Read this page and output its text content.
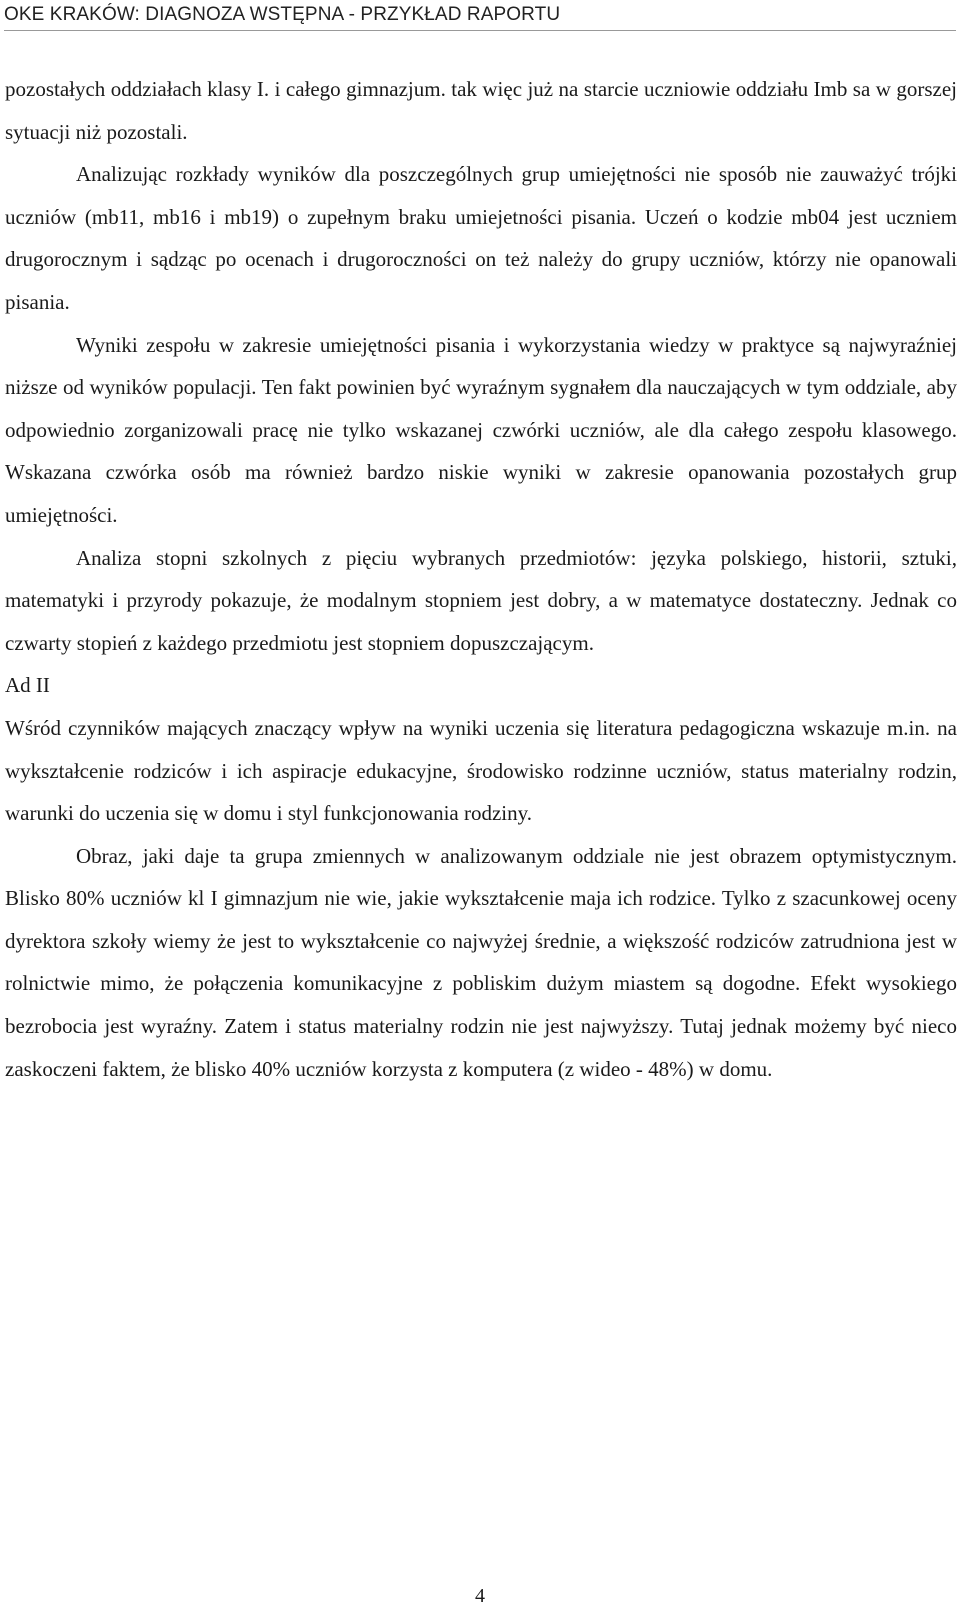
OKE KRAKÓW: DIAGNOZA WSTĘPNA - PRZYKŁAD RAPORTU

pozostałych oddziałach klasy I. i całego gimnazjum. tak więc już na starcie uczniowie oddziału Imb sa w gorszej sytuacji niż pozostali.

Analizując rozkłady wyników dla poszczególnych grup umiejętności nie sposób nie zauważyć trójki uczniów (mb11, mb16 i mb19) o zupełnym braku umiejetności pisania. Uczeń o kodzie mb04 jest uczniem drugorocznym i sądząc po ocenach i drugoroczności on też należy do grupy uczniów, którzy nie opanowali pisania.

Wyniki zespołu w zakresie umiejętności pisania i wykorzystania wiedzy w praktyce są najwyraźniej niższe od wyników populacji. Ten fakt powinien być wyraźnym sygnałem dla nauczających w tym oddziale, aby odpowiednio zorganizowali pracę nie tylko wskazanej czwórki uczniów, ale dla całego zespołu klasowego. Wskazana czwórka osób ma również bardzo niskie wyniki w zakresie opanowania pozostałych grup umiejętności.

Analiza stopni szkolnych z pięciu wybranych przedmiotów: języka polskiego, historii, sztuki, matematyki i przyrody pokazuje, że modalnym stopniem jest dobry, a w matematyce dostateczny. Jednak co czwarty stopień z każdego przedmiotu jest stopniem dopuszczającym.

Ad II

Wśród czynników mających znaczący wpływ na wyniki uczenia się literatura pedagogiczna wskazuje m.in. na wykształcenie rodziców i ich aspiracje edukacyjne, środowisko rodzinne uczniów, status materialny rodzin, warunki do uczenia się w domu i styl funkcjonowania rodziny.

Obraz, jaki daje ta grupa zmiennych w analizowanym oddziale nie jest obrazem optymistycznym. Blisko 80% uczniów kl I gimnazjum nie wie, jakie wykształcenie maja ich rodzice. Tylko z szacunkowej oceny dyrektora szkoły wiemy że jest to wykształcenie co najwyżej średnie, a większość rodziców zatrudniona jest w rolnictwie mimo, że połączenia komunikacyjne z pobliskim dużym miastem są dogodne. Efekt wysokiego bezrobocia jest wyraźny. Zatem i status materialny rodzin nie jest najwyższy. Tutaj jednak możemy być nieco zaskoczeni faktem, że blisko 40% uczniów korzysta z komputera (z wideo - 48%) w domu.

4
